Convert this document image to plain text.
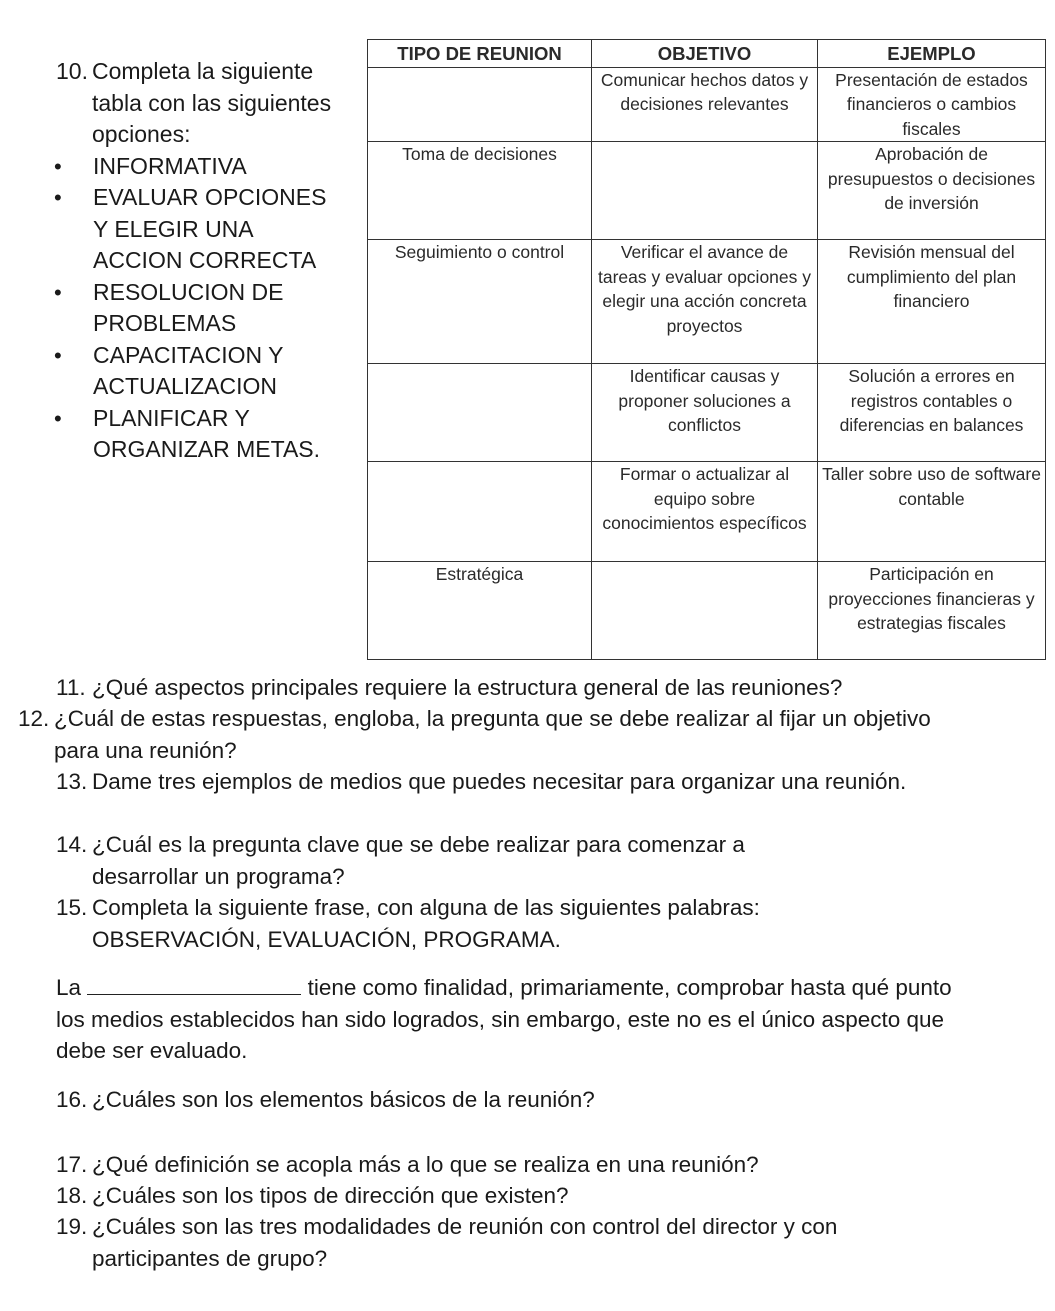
10. Completa la siguiente tabla con las siguientes opciones:
• INFORMATIVA
• EVALUAR OPCIONES Y ELEGIR UNA ACCION CORRECTA
• RESOLUCION DE PROBLEMAS
• CAPACITACION Y ACTUALIZACION
• PLANIFICAR Y ORGANIZAR METAS.
TIPO DE REUNION	OBJETIVO	EJEMPLO
	Comunicar hechos datos y decisiones relevantes	Presentación de estados financieros o cambios fiscales
Toma de decisiones		Aprobación de presupuestos o decisiones de inversión
Seguimiento o control	Verificar el avance de tareas y evaluar opciones y elegir una acción concreta proyectos	Revisión mensual del cumplimiento del plan financiero
	Identificar causas y proponer soluciones a conflictos	Solución a errores en registros contables o diferencias en balances
	Formar o actualizar al equipo sobre conocimientos específicos	Taller sobre uso de software contable
Estratégica		Participación en proyecciones financieras y estrategias fiscales
11. ¿Qué aspectos principales requiere la estructura general de las reuniones?
12. ¿Cuál de estas respuestas, engloba, la pregunta que se debe realizar al fijar un objetivo para una reunión?
13. Dame tres ejemplos de medios que puedes necesitar para organizar una reunión.
14. ¿Cuál es la pregunta clave que se debe realizar para comenzar a desarrollar un programa?
15. Completa la siguiente frase, con alguna de las siguientes palabras: OBSERVACIÓN, EVALUACIÓN, PROGRAMA.
La	tiene como finalidad, primariamente, comprobar hasta qué punto los medios establecidos han sido logrados, sin embargo, este no es el único aspecto que debe ser evaluado.
16. ¿Cuáles son los elementos básicos de la reunión?
17. ¿Qué definición se acopla más a lo que se realiza en una reunión?
18. ¿Cuáles son los tipos de dirección que existen?
19. ¿Cuáles son las tres modalidades de reunión con control del director y con participantes de grupo?
